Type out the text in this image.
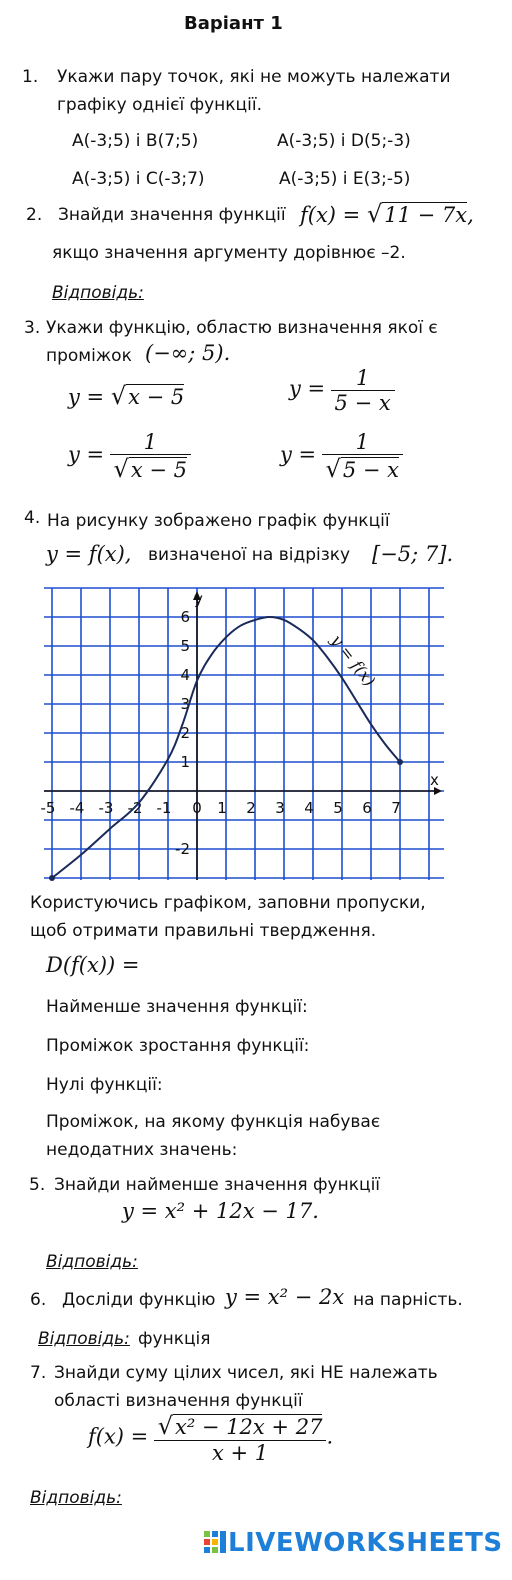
Варіант 1
1. Укажи пару точок, які не можуть належати
графіку однієї функції.
A(-3;5) і B(7;5)	A(-3;5) і D(5;-3)
A(-3;5) і C(-3;7)	A(-3;5) і E(3;-5)
2. Знайди значення функції f(x) = √11 − 7x,
якщо значення аргументу дорівнює –2.
Відповідь:
3. Укажи функцію, областю визначення якої є
проміжок (−∞; 5).
y = √x − 5	$y = \frac{1}{5 - x}$
$y = \frac{1}{√x - 5}$	$y = \frac{1}{√5 - x}$
4. На рисунку зображено графік функції
y = f(x), визначеної на відрізку [−5; 7].
x
y
-5 -4 -3 -2 -1 0 1 2 3 4 5 6 7
6
5
4
3
2
1
-2
y = f(x)
Користуючись графіком, заповни пропуски,
щоб отримати правильні твердження.
D(f(x)) =
Найменше значення функції:
Проміжок зростання функції:
Нулі функції:
Проміжок, на якому функція набуває
недодатних значень:
5. Знайди найменше значення функції
y = x² + 12x − 17.
Відповідь:
6. Досліди функцію y = x² − 2x на парність.
Відповідь: функція
7. Знайди суму цілих чисел, які НЕ належать
області визначення функції
$f(x) = \frac{\text{√x² − 12x + 27}}{x + 1}$ .
Відповідь:
LIVEWORKSHEETS
